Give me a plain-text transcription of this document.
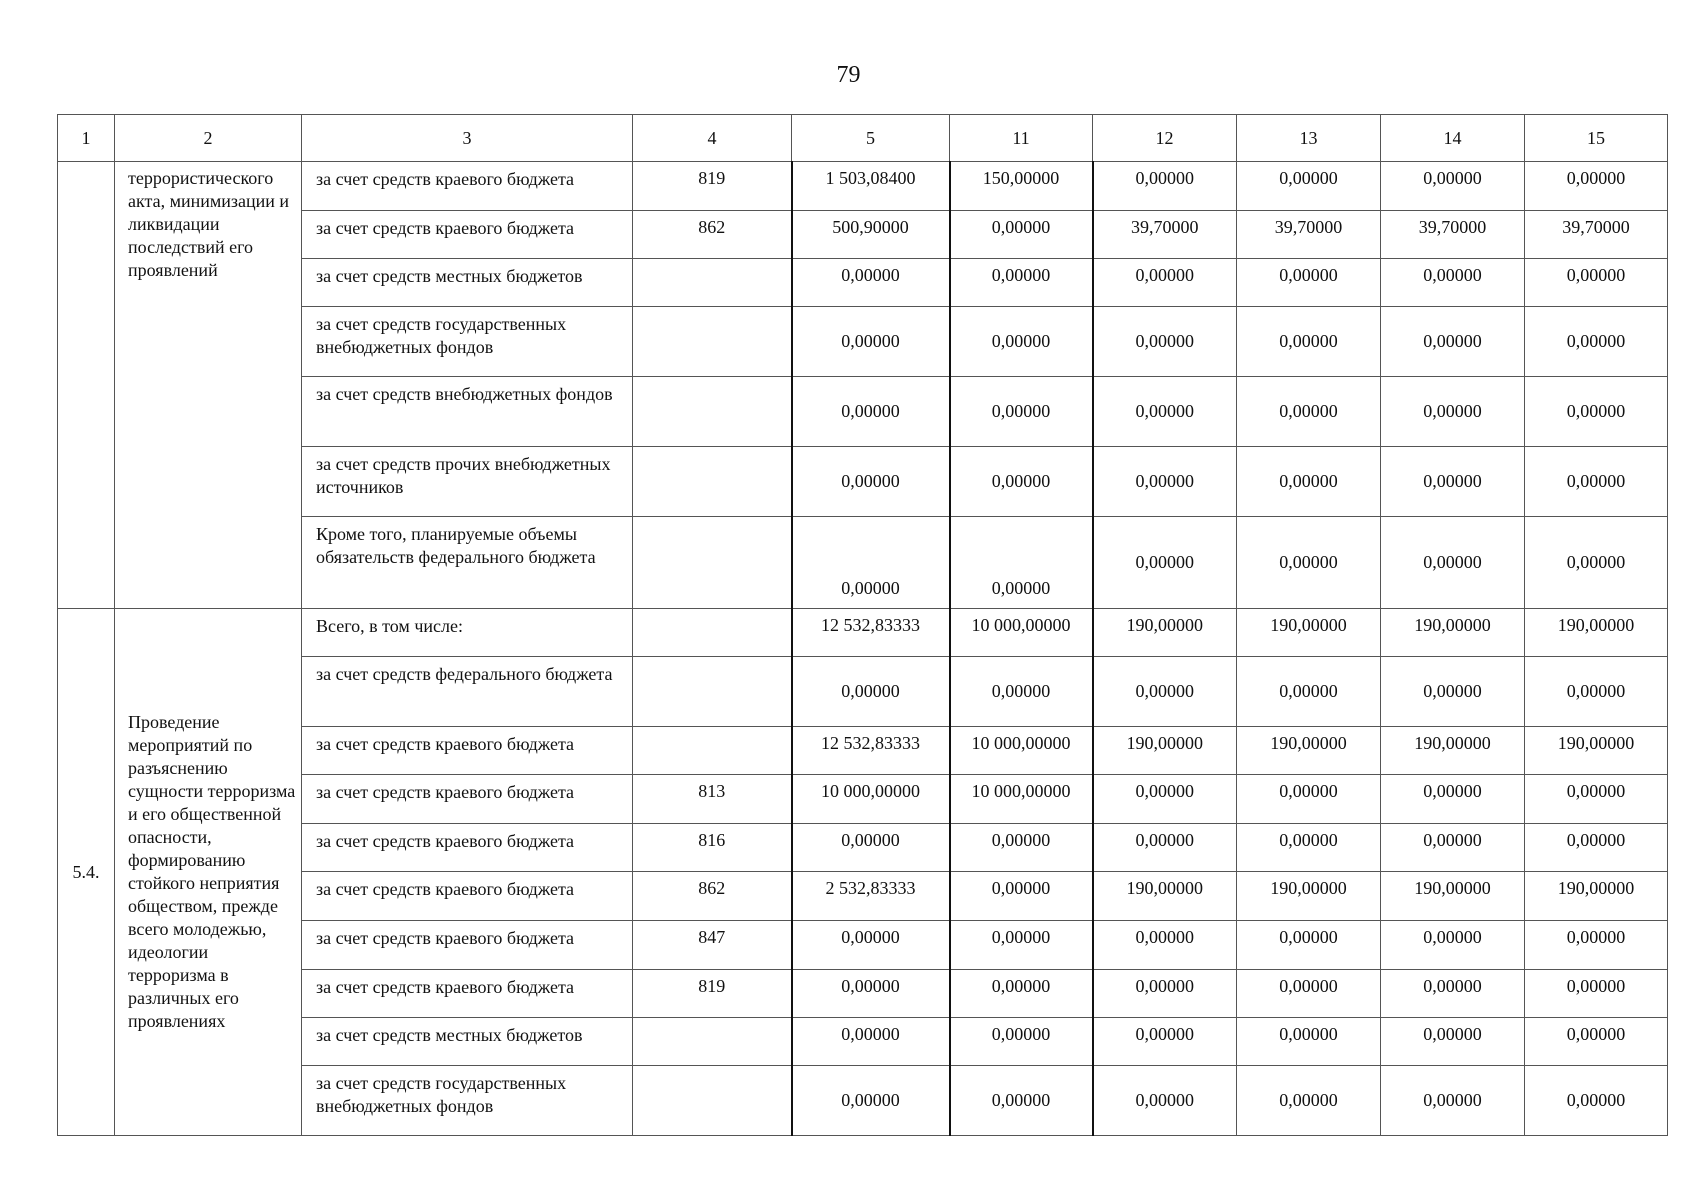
79
1	2	3	4	5	11	12	13	14	15
	террористического акта, минимизации и ликвидации последствий его проявлений	за счет средств краевого бюджета	819	1 503,08400	150,00000	0,00000	0,00000	0,00000	0,00000
		за счет средств краевого бюджета	862	500,90000	0,00000	39,70000	39,70000	39,70000	39,70000
		за счет средств местных бюджетов		0,00000	0,00000	0,00000	0,00000	0,00000	0,00000
		за счет средств государственных внебюджетных фондов		0,00000	0,00000	0,00000	0,00000	0,00000	0,00000
		за счет средств внебюджетных фондов		0,00000	0,00000	0,00000	0,00000	0,00000	0,00000
		за счет средств прочих внебюджетных источников		0,00000	0,00000	0,00000	0,00000	0,00000	0,00000
		Кроме того, планируемые объемы обязательств федерального бюджета		0,00000	0,00000	0,00000	0,00000	0,00000	0,00000
5.4.	Проведение мероприятий по разъяснению сущности терроризма и его общественной опасности, формированию стойкого неприятия обществом, прежде всего молодежью, идеологии терроризма в различных его проявлениях	Всего, в том числе:		12 532,83333	10 000,00000	190,00000	190,00000	190,00000	190,00000
		за счет средств федерального бюджета		0,00000	0,00000	0,00000	0,00000	0,00000	0,00000
		за счет средств краевого бюджета		12 532,83333	10 000,00000	190,00000	190,00000	190,00000	190,00000
		за счет средств краевого бюджета	813	10 000,00000	10 000,00000	0,00000	0,00000	0,00000	0,00000
		за счет средств краевого бюджета	816	0,00000	0,00000	0,00000	0,00000	0,00000	0,00000
		за счет средств краевого бюджета	862	2 532,83333	0,00000	190,00000	190,00000	190,00000	190,00000
		за счет средств краевого бюджета	847	0,00000	0,00000	0,00000	0,00000	0,00000	0,00000
		за счет средств краевого бюджета	819	0,00000	0,00000	0,00000	0,00000	0,00000	0,00000
		за счет средств местных бюджетов		0,00000	0,00000	0,00000	0,00000	0,00000	0,00000
		за счет средств государственных внебюджетных фондов		0,00000	0,00000	0,00000	0,00000	0,00000	0,00000
